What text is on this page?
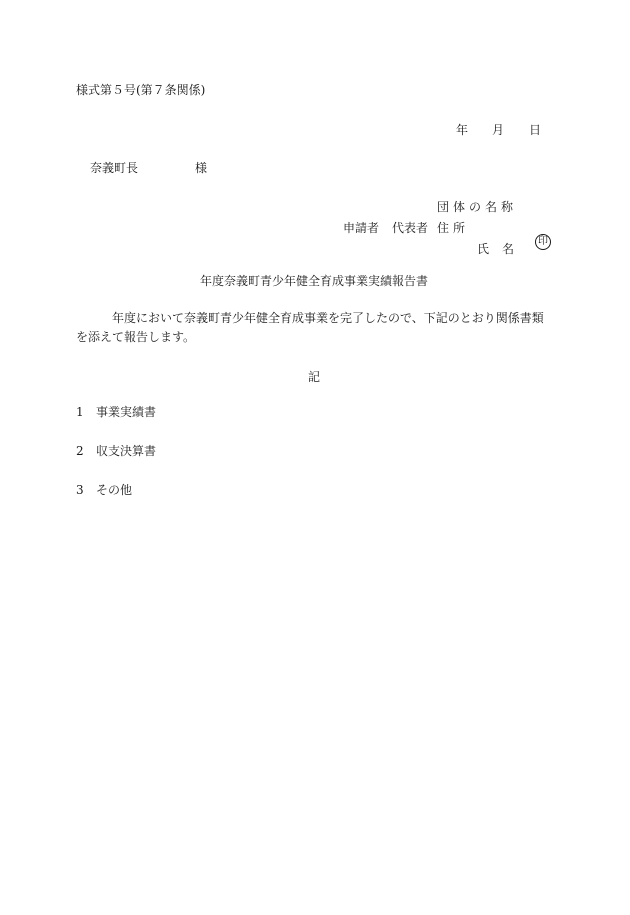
様式第５号(第７条関係)
年	月	日
奈義町長	様
団体の名称
申請者	代表者 住所
氏名	印
年度奈義町青少年健全育成事業実績報告書
年度において奈義町青少年健全育成事業を完了したので、下記のとおり関係書類を添えて報告します。
記
1	事業実績書
2	収支決算書
3	その他
